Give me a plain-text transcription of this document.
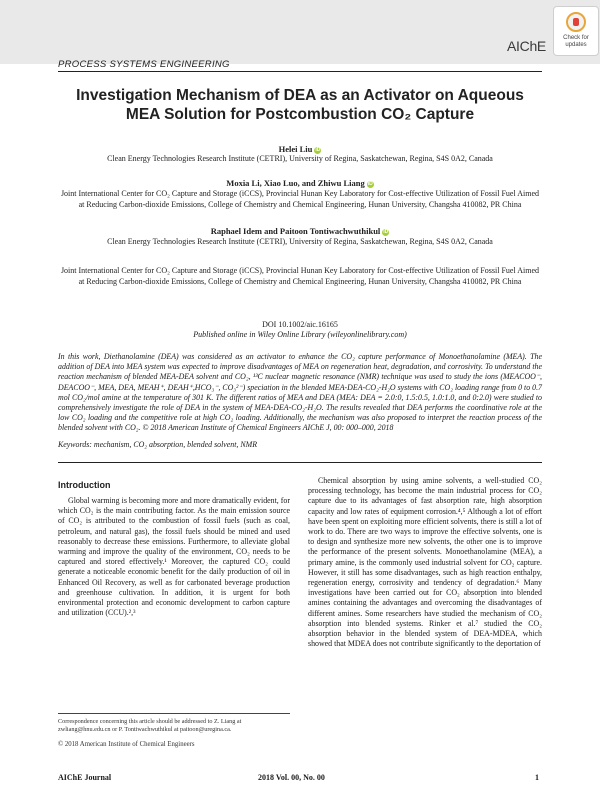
Check for updates
AIChE
PROCESS SYSTEMS ENGINEERING
Investigation Mechanism of DEA as an Activator on Aqueous MEA Solution for Postcombustion CO₂ Capture
Helei Liu iD
Clean Energy Technologies Research Institute (CETRI), University of Regina, Saskatchewan, Regina, S4S 0A2, Canada
Moxia Li, Xiao Luo, and Zhiwu Liang iD
Joint International Center for CO₂ Capture and Storage (iCCS), Provincial Hunan Key Laboratory for Cost-effective Utilization of Fossil Fuel Aimed at Reducing Carbon-dioxide Emissions, College of Chemistry and Chemical Engineering, Hunan University, Changsha 410082, PR China
Raphael Idem and Paitoon Tontiwachwuthikul iD
Clean Energy Technologies Research Institute (CETRI), University of Regina, Saskatchewan, Regina, S4S 0A2, Canada
Joint International Center for CO₂ Capture and Storage (iCCS), Provincial Hunan Key Laboratory for Cost-effective Utilization of Fossil Fuel Aimed at Reducing Carbon-dioxide Emissions, College of Chemistry and Chemical Engineering, Hunan University, Changsha 410082, PR China
DOI 10.1002/aic.16165
Published online in Wiley Online Library (wileyonlinelibrary.com)
In this work, Diethanolamine (DEA) was considered as an activator to enhance the CO₂ capture performance of Monoethanolamine (MEA). The addition of DEA into MEA system was expected to improve disadvantages of MEA on regeneration heat, degradation, and corrosivity. To understand the reaction mechanism of blended MEA-DEA solvent and CO₂, ¹³C nuclear magnetic resonance (NMR) technique was used to study the ions (MEACOO⁻, DEACOO⁻, MEA, DEA, MEAH⁺, DEAH⁺,HCO₃⁻, CO₃²⁻) speciation in the blended MEA-DEA-CO₂-H₂O systems with CO₂ loading range from 0 to 0.7 mol CO₂/mol amine at the temperature of 301 K. The different ratios of MEA and DEA (MEA: DEA = 2.0:0, 1.5:0.5, 1.0:1.0, and 0:2.0) were studied to comprehensively investigate the role of DEA in the system of MEA-DEA-CO₂-H₂O. The results revealed that DEA performs the coordinative role at the low CO₂ loading and the competitive role at high CO₂ loading. Additionally, the mechanism was also proposed to interpret the reaction process of the blended solvent with CO₂. © 2018 American Institute of Chemical Engineers AIChE J, 00: 000–000, 2018
Keywords: mechanism, CO₂ absorption, blended solvent, NMR
Introduction

Global warming is becoming more and more dramatically evident, for which CO₂ is the main contributing factor. As the main emission source of CO₂ is attributed to the combustion of fossil fuels (such as coal, petroleum, and natural gas), the fossil fuels should be mined and used reasonably to decrease these emissions. Furthermore, to alleviate global warming and improve the quality of the environment, CO₂ needs to be captured and stored effectively.¹ Moreover, the captured CO₂ could generate a noticeable economic benefit for the daily production of oil in Enhanced Oil Recovery, as well as for carbonated beverage production and greenhouse cultivation. In addition, it is urgent for both environmental protection and economic development to carbon capture and utilization (CCU).²,³

Chemical absorption by using amine solvents, a well-studied CO₂ processing technology, has become the main industrial process for CO₂ capture due to its advantages of fast absorption rate, high absorption capacity and low rates of equipment corrosion.⁴,⁵ Although a lot of effort have been spent on exploiting more efficient solvents, there is still a lot of work to do. There are two ways to improve the effective solvents, one is to design and synthesize more new solvents, the other one is to improve the performance of the present solvents. Monoethanolamine (MEA), a primary amine, is the commonly used industrial solvent for CO₂ capture. However, it still has some disadvantages, such as high reaction enthalpy, regeneration energy, corrosivity and tendency of degradation.⁶ Many investigations have been carried out for CO₂ absorption into blended amines containing the advantages and overcoming the disadvantages of different amines. Some researchers have studied the mechanism of CO₂ absorption into blended systems. Rinker et al.⁷ studied the CO₂ absorption behavior in the blended system of DEA-MDEA, which showed that MDEA does not contribute significantly to the deportation of

Correspondence concerning this article should be addressed to Z. Liang at zwliang@hnu.edu.cn or P. Tontiwachwuthikul at paitoon@uregina.ca.
© 2018 American Institute of Chemical Engineers
AIChE Journal	2018 Vol. 00, No. 00	1
